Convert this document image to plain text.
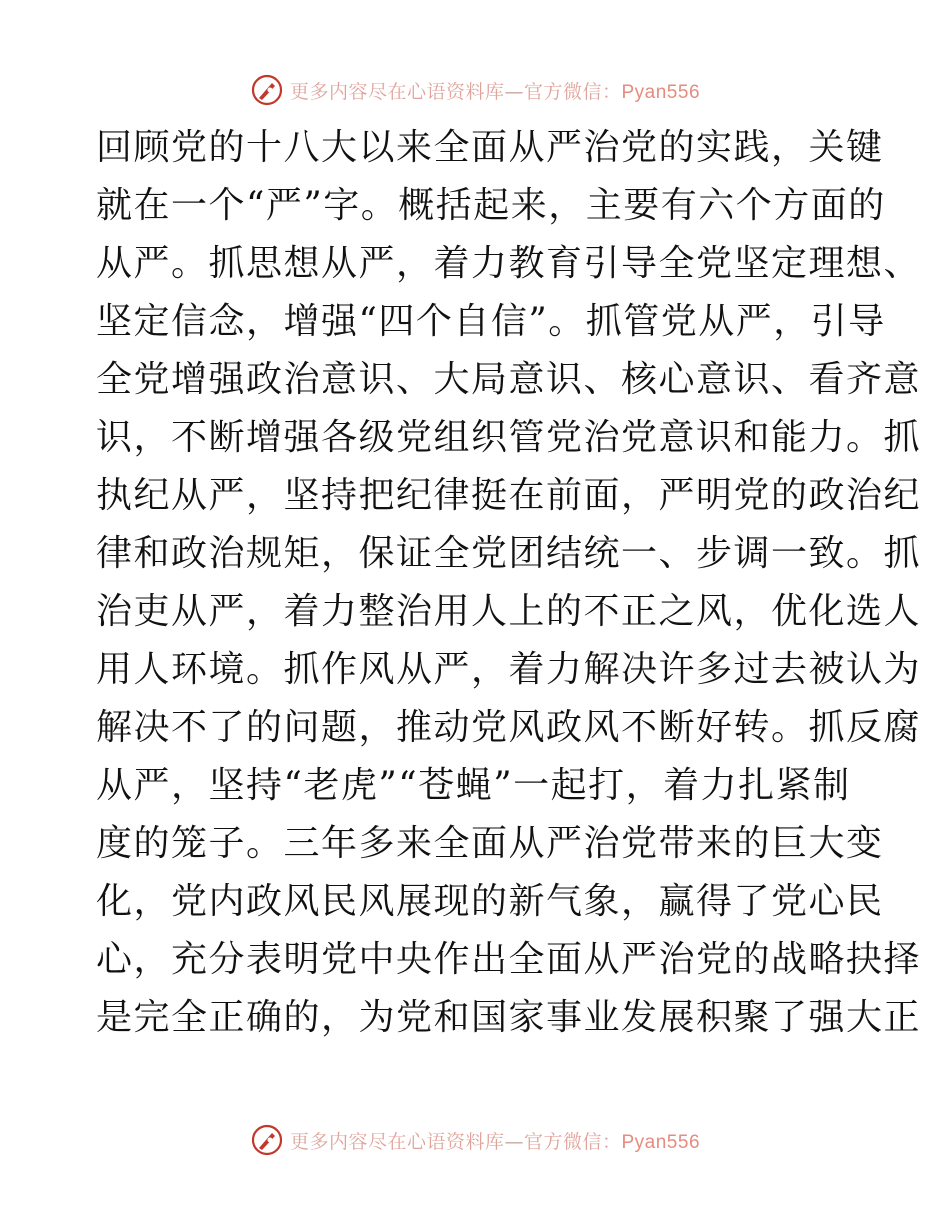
更多内容尽在心语资料库—官方微信：Pyan556
回顾党的十八大以来全面从严治党的实践，关键
就在一个“严”字。概括起来，主要有六个方面的
从严。抓思想从严，着力教育引导全党坚定理想、
坚定信念，增强“四个自信”。抓管党从严，引导
全党增强政治意识、大局意识、核心意识、看齐意
识，不断增强各级党组织管党治党意识和能力。抓
执纪从严，坚持把纪律挺在前面，严明党的政治纪
律和政治规矩，保证全党团结统一、步调一致。抓
治吏从严，着力整治用人上的不正之风，优化选人
用人环境。抓作风从严，着力解决许多过去被认为
解决不了的问题，推动党风政风不断好转。抓反腐
从严，坚持“老虎”“苍蝇”一起打，着力扎紧制
度的笼子。三年多来全面从严治党带来的巨大变
化，党内政风民风展现的新气象，赢得了党心民
心，充分表明党中央作出全面从严治党的战略抉择
是完全正确的，为党和国家事业发展积聚了强大正
更多内容尽在心语资料库—官方微信：Pyan556
